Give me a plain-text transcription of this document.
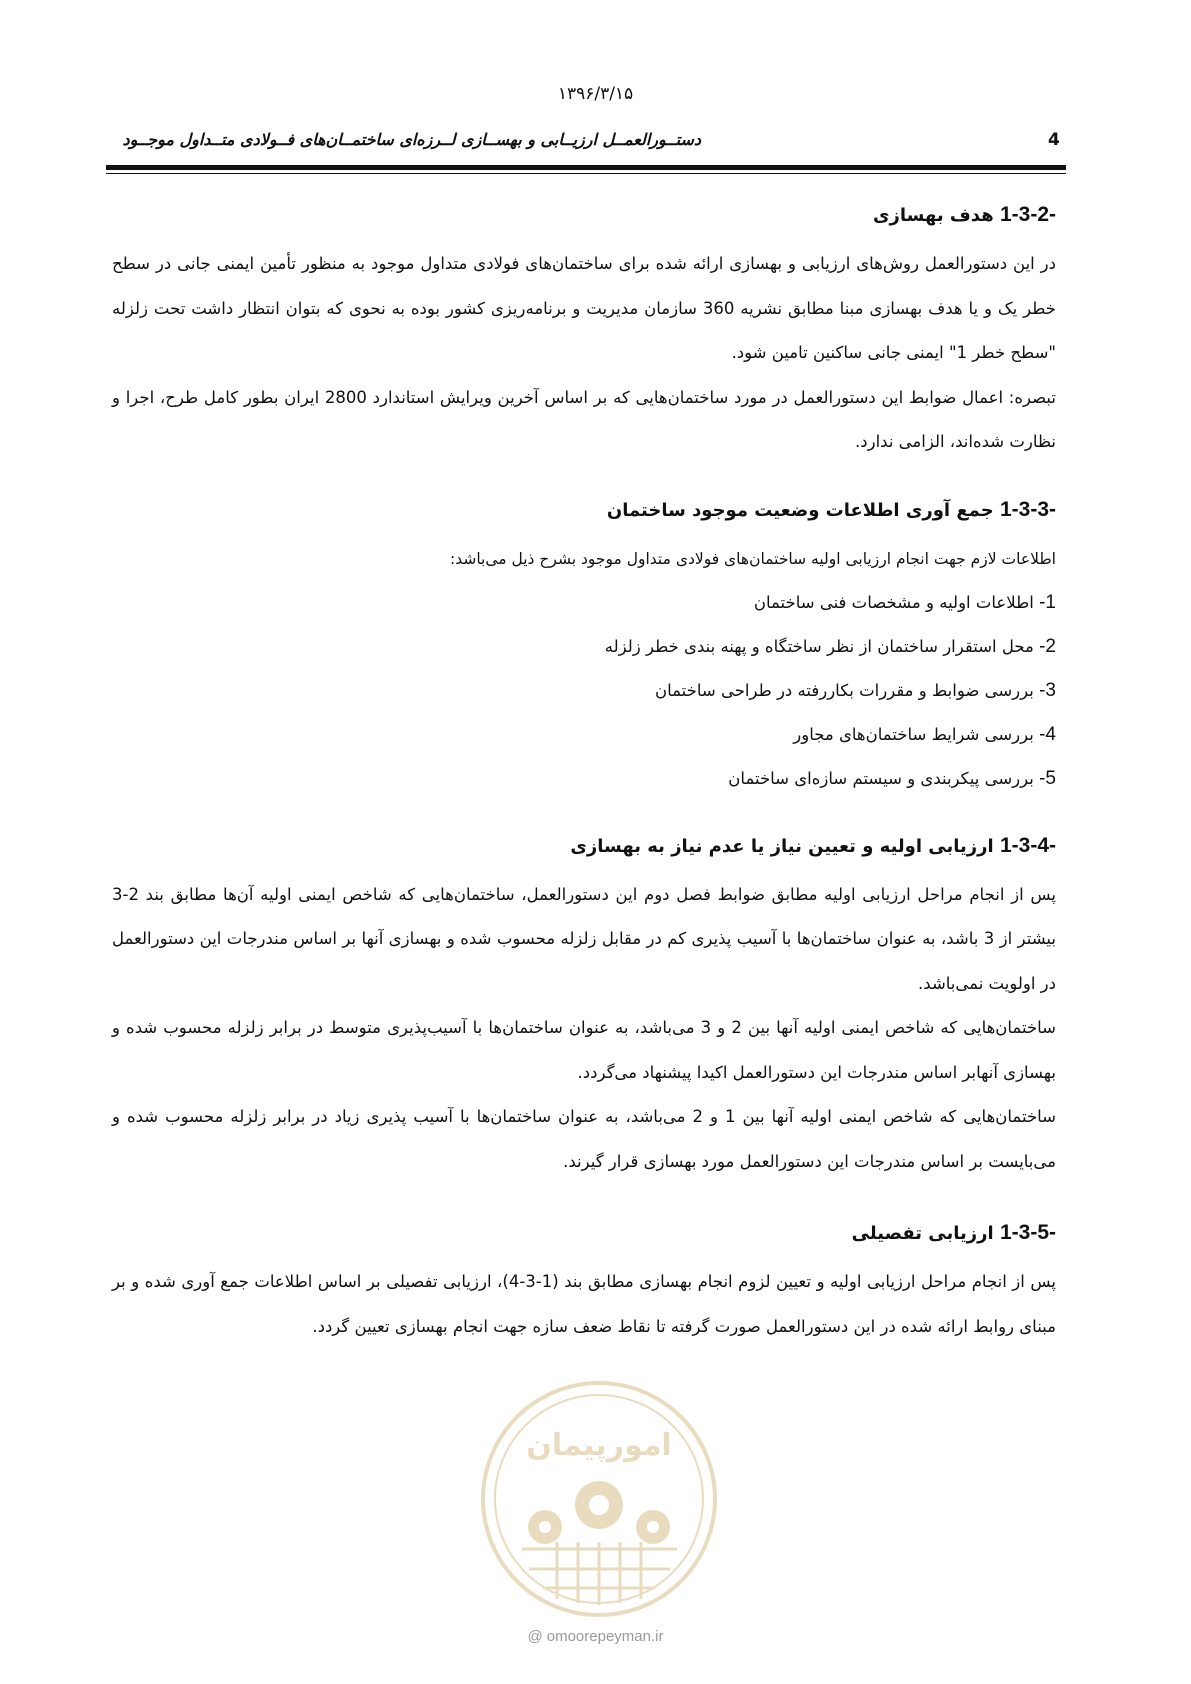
۱۳۹۶/۳/۱۵
دستــورالعمــل ارزیــابی و بهســازی لــرزه‌ای ساختمــان‌های فــولادی متــداول موجــود	4
1-3-2- هدف بهسازی

در این دستورالعمل روش‌های ارزیابی و بهسازی ارائه شده برای ساختمان‌های فولادی متداول موجود به منظور تأمین ایمنی جانی در سطح خطر یک و یا هدف بهسازی مبنا مطابق نشریه 360 سازمان مدیریت و برنامه‌ریزی کشور بوده به نحوی که بتوان انتظار داشت تحت زلزله "سطح خطر 1" ایمنی جانی ساکنین تامین شود.

تبصره: اعمال ضوابط این دستورالعمل در مورد ساختمان‌هایی که بر اساس آخرین ویرایش استاندارد 2800 ایران بطور کامل طرح، اجرا و نظارت شده‌اند، الزامی ندارد.

1-3-3- جمع آوری اطلاعات وضعیت موجود ساختمان

اطلاعات لازم جهت انجام ارزیابی اولیه ساختمان‌های فولادی متداول موجود بشرح ذیل می‌باشد:

1- اطلاعات اولیه و مشخصات فنی ساختمان
2- محل استقرار ساختمان از نظر ساختگاه و پهنه بندی خطر زلزله
3- بررسی ضوابط و مقررات بکاررفته در طراحی ساختمان
4- بررسی شرایط ساختمان‌های مجاور
5- بررسی پیکربندی و سیستم سازه‌ای ساختمان
1-3-4- ارزیابی اولیه و تعیین نیاز یا عدم نیاز به بهسازی

پس از انجام مراحل ارزیابی اولیه مطابق ضوابط فصل دوم این دستورالعمل، ساختمان‌هایی که شاخص ایمنی اولیه آن‌ها مطابق بند 2-3 بیشتر از 3 باشد، به عنوان ساختمان‌ها با آسیب پذیری کم در مقابل زلزله محسوب شده و بهسازی آنها بر اساس مندرجات این دستورالعمل در اولویت نمی‌باشد.

ساختمان‌هایی که شاخص ایمنی اولیه آنها بین 2 و 3 می‌باشد، به عنوان ساختمان‌ها با آسیب‌پذیری متوسط در برابر زلزله محسوب شده و بهسازی آنهابر اساس مندرجات این دستورالعمل اکیدا پیشنهاد می‌گردد.

ساختمان‌هایی که شاخص ایمنی اولیه آنها بین 1 و 2 می‌باشد، به عنوان ساختمان‌ها با آسیب پذیری زیاد در برابر زلزله محسوب شده و می‌بایست بر اساس مندرجات این دستورالعمل مورد بهسازی قرار گیرند.

1-3-5- ارزیابی تفصیلی

پس از انجام مراحل ارزیابی اولیه و تعیین لزوم انجام بهسازی مطابق بند (1-3-4)، ارزیابی تفصیلی بر اساس اطلاعات جمع آوری شده و بر مبنای روابط ارائه شده در این دستورالعمل صورت گرفته تا نقاط ضعف سازه جهت انجام بهسازی تعیین گردد.

امورپیمان
@ omoorepeyman.ir
